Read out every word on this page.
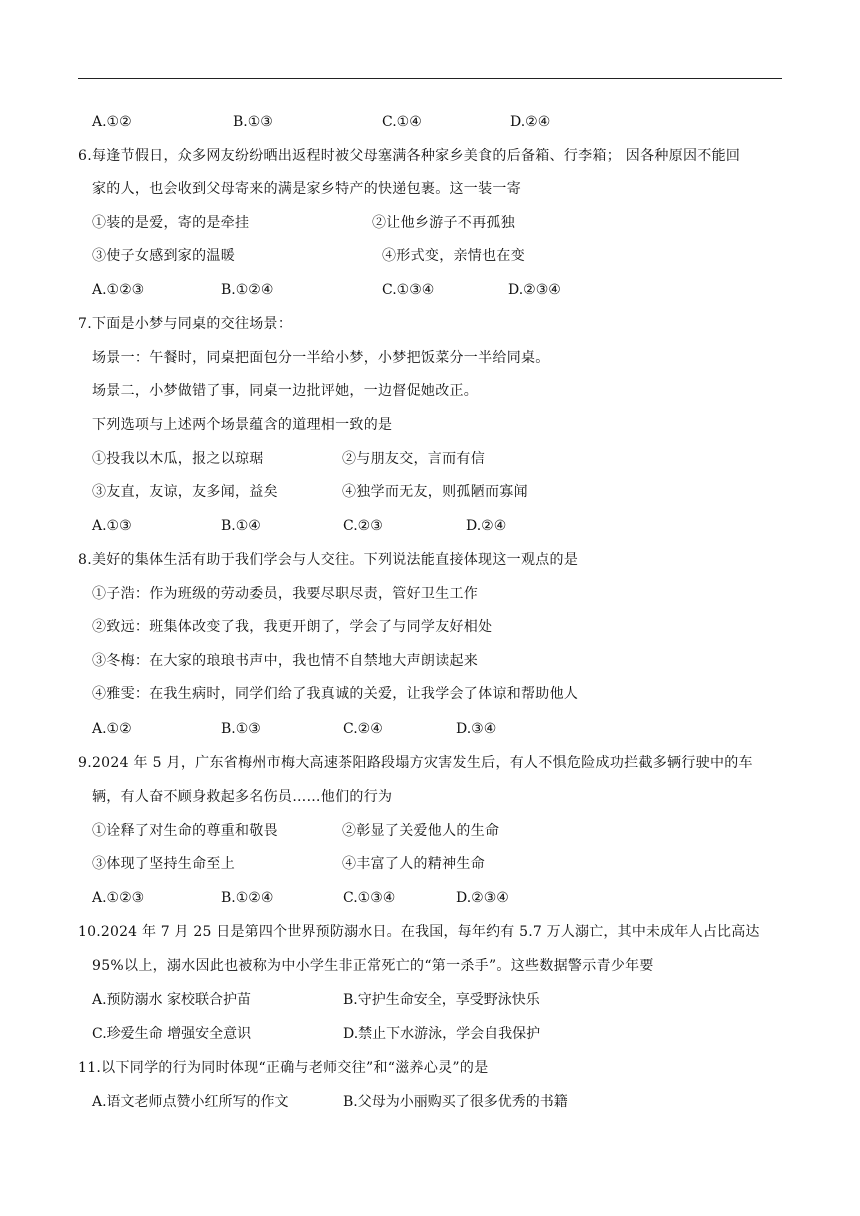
A.①②	B.①③	C.①④	D.②④
6.每逢节假日，众多网友纷纷晒出返程时被父母塞满各种家乡美食的后备箱、行李箱； 因各种原因不能回
家的人，也会收到父母寄来的满是家乡特产的快递包裹。这一装一寄
①装的是爱，寄的是牵挂	②让他乡游子不再孤独
③使子女感到家的温暖	④形式变，亲情也在变
A.①②③	B.①②④	C.①③④	D.②③④
7.下面是小梦与同桌的交往场景：
场景一：午餐时，同桌把面包分一半给小梦，小梦把饭菜分一半给同桌。
场景二，小梦做错了事，同桌一边批评她，一边督促她改正。
下列选项与上述两个场景蕴含的道理相一致的是
①投我以木瓜，报之以琼琚	②与朋友交，言而有信
③友直，友谅，友多闻，益矣	④独学而无友，则孤陋而寡闻
A.①③	B.①④	C.②③	D.②④
8.美好的集体生活有助于我们学会与人交往。下列说法能直接体现这一观点的是
①子浩：作为班级的劳动委员，我要尽职尽责，管好卫生工作
②致远：班集体改变了我，我更开朗了，学会了与同学友好相处
③冬梅：在大家的琅琅书声中，我也情不自禁地大声朗读起来
④雅雯：在我生病时，同学们给了我真诚的关爱，让我学会了体谅和帮助他人
A.①②	B.①③	C.②④	D.③④
9.2024 年 5 月，广东省梅州市梅大高速茶阳路段塌方灾害发生后，有人不惧危险成功拦截多辆行驶中的车
辆，有人奋不顾身救起多名伤员……他们的行为
①诠释了对生命的尊重和敬畏	②彰显了关爱他人的生命
③体现了坚持生命至上	④丰富了人的精神生命
A.①②③	B.①②④	C.①③④	D.②③④
10.2024 年 7 月 25 日是第四个世界预防溺水日。在我国，每年约有 5.7 万人溺亡，其中未成年人占比高达
95%以上，溺水因此也被称为中小学生非正常死亡的“第一杀手”。这些数据警示青少年要
A.预防溺水 家校联合护苗	B.守护生命安全，享受野泳快乐
C.珍爱生命 增强安全意识	D.禁止下水游泳，学会自我保护
11.以下同学的行为同时体现“正确与老师交往”和“滋养心灵”的是
A.语文老师点赞小红所写的作文	B.父母为小丽购买了很多优秀的书籍
